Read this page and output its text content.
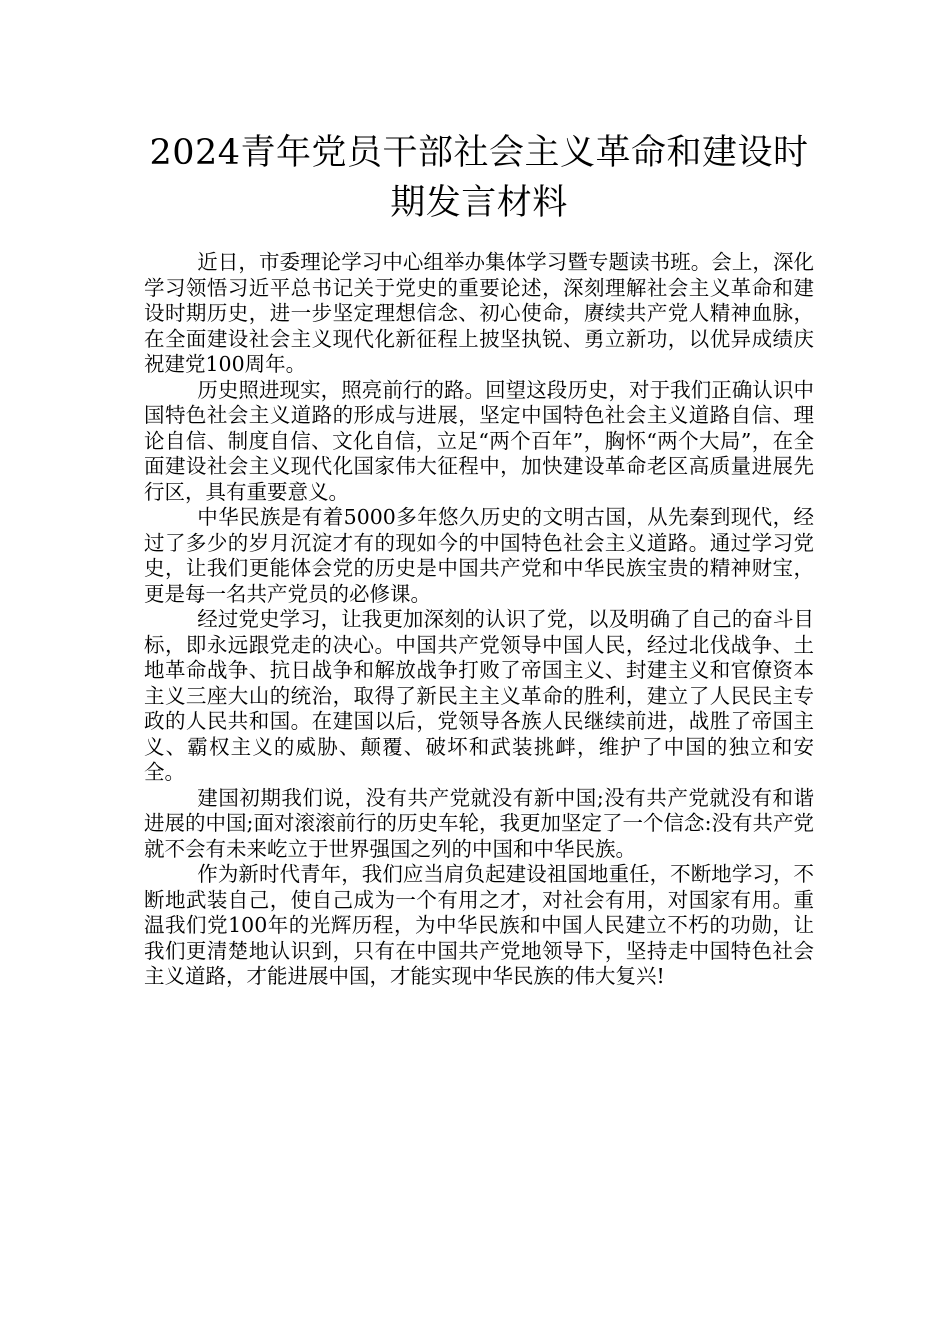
2024青年党员干部社会主义革命和建设时
期发言材料

近日，市委理论学习中心组举办集体学习暨专题读书班。会上，深化学习领悟习近平总书记关于党史的重要论述，深刻理解社会主义革命和建设时期历史，进一步坚定理想信念、初心使命，赓续共产党人精神血脉，在全面建设社会主义现代化新征程上披坚执锐、勇立新功，以优异成绩庆祝建党100周年。

历史照进现实，照亮前行的路。回望这段历史，对于我们正确认识中国特色社会主义道路的形成与进展，坚定中国特色社会主义道路自信、理论自信、制度自信、文化自信，立足“两个百年”，胸怀“两个大局”，在全面建设社会主义现代化国家伟大征程中，加快建设革命老区高质量进展先行区，具有重要意义。

中华民族是有着5000多年悠久历史的文明古国，从先秦到现代，经过了多少的岁月沉淀才有的现如今的中国特色社会主义道路。通过学习党史，让我们更能体会党的历史是中国共产党和中华民族宝贵的精神财宝，更是每一名共产党员的必修课。

经过党史学习，让我更加深刻的认识了党，以及明确了自己的奋斗目标，即永远跟党走的决心。中国共产党领导中国人民，经过北伐战争、土地革命战争、抗日战争和解放战争打败了帝国主义、封建主义和官僚资本主义三座大山的统治，取得了新民主主义革命的胜利，建立了人民民主专政的人民共和国。在建国以后，党领导各族人民继续前进，战胜了帝国主义、霸权主义的威胁、颠覆、破坏和武装挑衅，维护了中国的独立和安全。

建国初期我们说，没有共产党就没有新中国;没有共产党就没有和谐进展的中国;面对滚滚前行的历史车轮，我更加坚定了一个信念:没有共产党就不会有未来屹立于世界强国之列的中国和中华民族。

作为新时代青年，我们应当肩负起建设祖国地重任，不断地学习，不断地武装自己，使自己成为一个有用之才，对社会有用，对国家有用。重温我们党100年的光辉历程，为中华民族和中国人民建立不朽的功勋，让我们更清楚地认识到，只有在中国共产党地领导下，坚持走中国特色社会主义道路，才能进展中国，才能实现中华民族的伟大复兴!
